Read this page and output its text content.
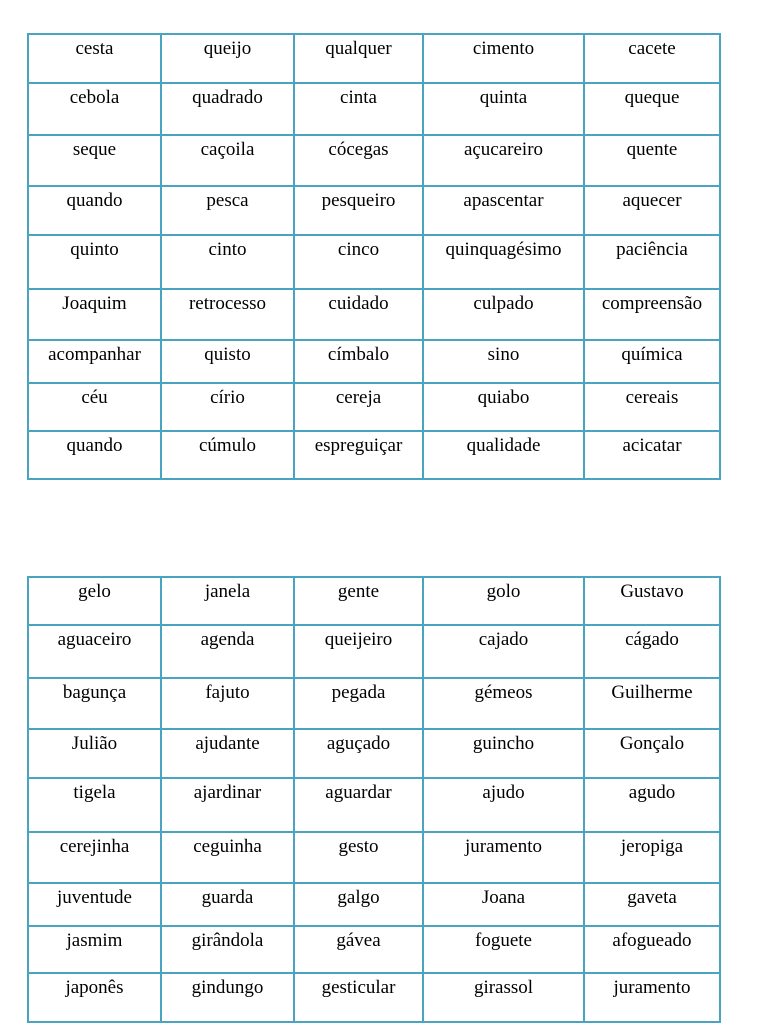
cesta	queijo	qualquer	cimento	cacete
cebola	quadrado	cinta	quinta	queque
seque	caçoila	cócegas	açucareiro	quente
quando	pesca	pesqueiro	apascentar	aquecer
quinto	cinto	cinco	quinquagésimo	paciência
Joaquim	retrocesso	cuidado	culpado	compreensão
acompanhar	quisto	címbalo	sino	química
céu	círio	cereja	quiabo	cereais
quando	cúmulo	espreguiçar	qualidade	acicatar
gelo	janela	gente	golo	Gustavo
aguaceiro	agenda	queijeiro	cajado	cágado
bagunça	fajuto	pegada	gémeos	Guilherme
Julião	ajudante	aguçado	guincho	Gonçalo
tigela	ajardinar	aguardar	ajudo	agudo
cerejinha	ceguinha	gesto	juramento	jeropiga
juventude	guarda	galgo	Joana	gaveta
jasmim	girândola	gávea	foguete	afogueado
japonês	gindungo	gesticular	girassol	juramento
